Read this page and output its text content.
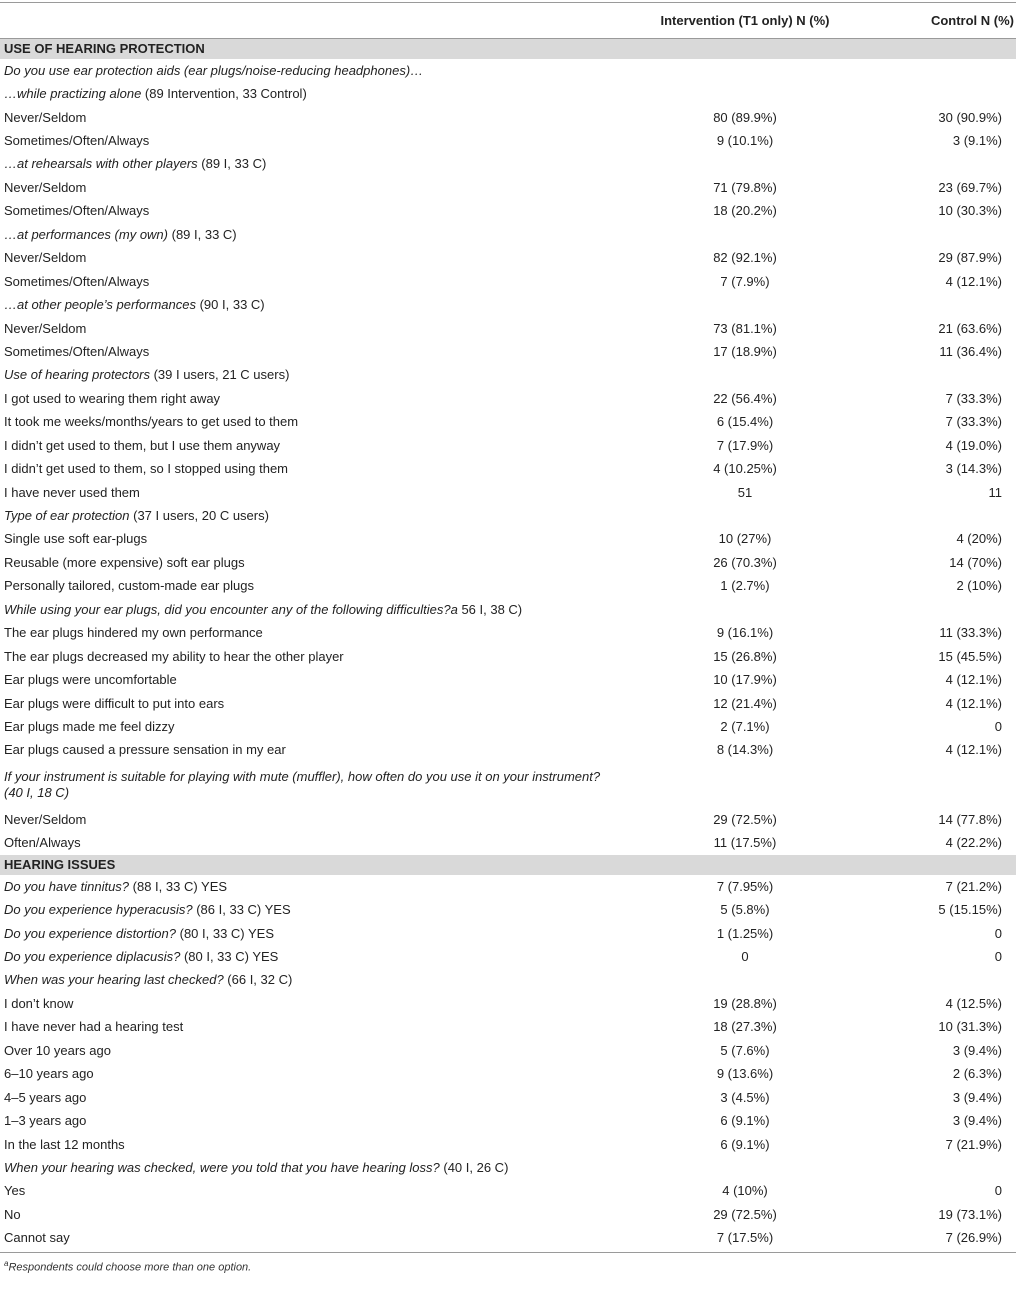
	Intervention (T1 only) N (%)	Control N (%)
USE OF HEARING PROTECTION		
Do you use ear protection aids (ear plugs/noise-reducing headphones)…		
…while practizing alone (89 Intervention, 33 Control)		
Never/Seldom	80 (89.9%)	30 (90.9%)
Sometimes/Often/Always	9 (10.1%)	3 (9.1%)
…at rehearsals with other players (89 I, 33 C)		
Never/Seldom	71 (79.8%)	23 (69.7%)
Sometimes/Often/Always	18 (20.2%)	10 (30.3%)
…at performances (my own) (89 I, 33 C)		
Never/Seldom	82 (92.1%)	29 (87.9%)
Sometimes/Often/Always	7 (7.9%)	4 (12.1%)
…at other people’s performances (90 I, 33 C)		
Never/Seldom	73 (81.1%)	21 (63.6%)
Sometimes/Often/Always	17 (18.9%)	11 (36.4%)
Use of hearing protectors (39 I users, 21 C users)		
I got used to wearing them right away	22 (56.4%)	7 (33.3%)
It took me weeks/months/years to get used to them	6 (15.4%)	7 (33.3%)
I didn’t get used to them, but I use them anyway	7 (17.9%)	4 (19.0%)
I didn’t get used to them, so I stopped using them	4 (10.25%)	3 (14.3%)
I have never used them	51	11
Type of ear protection (37 I users, 20 C users)		
Single use soft ear-plugs	10 (27%)	4 (20%)
Reusable (more expensive) soft ear plugs	26 (70.3%)	14 (70%)
Personally tailored, custom-made ear plugs	1 (2.7%)	2 (10%)
While using your ear plugs, did you encounter any of the following difficulties?a 56 I, 38 C)		
The ear plugs hindered my own performance	9 (16.1%)	11 (33.3%)
The ear plugs decreased my ability to hear the other player	15 (26.8%)	15 (45.5%)
Ear plugs were uncomfortable	10 (17.9%)	4 (12.1%)
Ear plugs were difficult to put into ears	12 (21.4%)	4 (12.1%)
Ear plugs made me feel dizzy	2 (7.1%)	0
Ear plugs caused a pressure sensation in my ear	8 (14.3%)	4 (12.1%)
If your instrument is suitable for playing with mute (muffler), how often do you use it on your instrument? (40 I, 18 C)		
Never/Seldom	29 (72.5%)	14 (77.8%)
Often/Always	11 (17.5%)	4 (22.2%)
HEARING ISSUES		
Do you have tinnitus? (88 I, 33 C) YES	7 (7.95%)	7 (21.2%)
Do you experience hyperacusis? (86 I, 33 C) YES	5 (5.8%)	5 (15.15%)
Do you experience distortion? (80 I, 33 C) YES	1 (1.25%)	0
Do you experience diplacusis? (80 I, 33 C) YES	0	0
When was your hearing last checked? (66 I, 32 C)		
I don’t know	19 (28.8%)	4 (12.5%)
I have never had a hearing test	18 (27.3%)	10 (31.3%)
Over 10 years ago	5 (7.6%)	3 (9.4%)
6–10 years ago	9 (13.6%)	2 (6.3%)
4–5 years ago	3 (4.5%)	3 (9.4%)
1–3 years ago	6 (9.1%)	3 (9.4%)
In the last 12 months	6 (9.1%)	7 (21.9%)
When your hearing was checked, were you told that you have hearing loss? (40 I, 26 C)		
Yes	4 (10%)	0
No	29 (72.5%)	19 (73.1%)
Cannot say	7 (17.5%)	7 (26.9%)
$^a$Respondents could choose more than one option.
